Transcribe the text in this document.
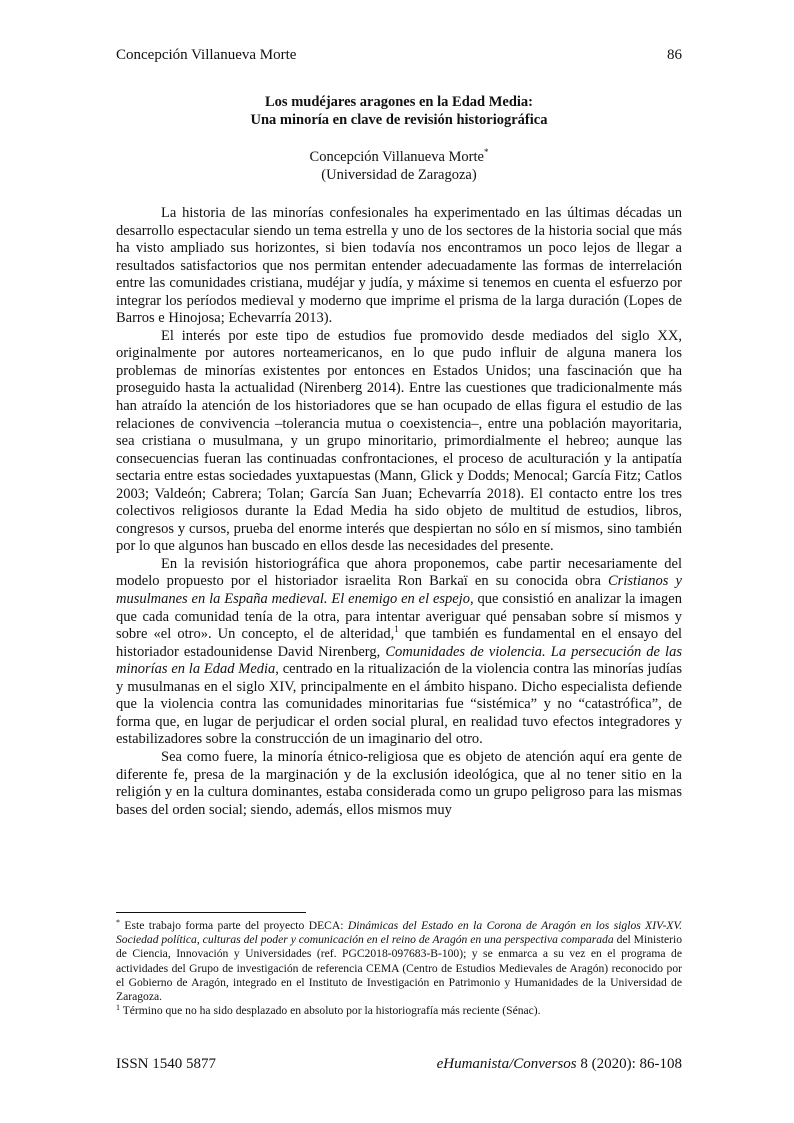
Concepción Villanueva Morte	86
Los mudéjares aragones en la Edad Media:
Una minoría en clave de revisión historiográfica
Concepción Villanueva Morte*
(Universidad de Zaragoza)

La historia de las minorías confesionales ha experimentado en las últimas décadas un desarrollo espectacular siendo un tema estrella y uno de los sectores de la historia social que más ha visto ampliado sus horizontes, si bien todavía nos encontramos un poco lejos de llegar a resultados satisfactorios que nos permitan entender adecuadamente las formas de interrelación entre las comunidades cristiana, mudéjar y judía, y máxime si tenemos en cuenta el esfuerzo por integrar los períodos medieval y moderno que imprime el prisma de la larga duración (Lopes de Barros e Hinojosa; Echevarría 2013).

El interés por este tipo de estudios fue promovido desde mediados del siglo XX, originalmente por autores norteamericanos, en lo que pudo influir de alguna manera los problemas de minorías existentes por entonces en Estados Unidos; una fascinación que ha proseguido hasta la actualidad (Nirenberg 2014). Entre las cuestiones que tradicionalmente más han atraído la atención de los historiadores que se han ocupado de ellas figura el estudio de las relaciones de convivencia –tolerancia mutua o coexistencia–, entre una población mayoritaria, sea cristiana o musulmana, y un grupo minoritario, primordialmente el hebreo; aunque las consecuencias fueran las continuadas confrontaciones, el proceso de aculturación y la antipatía sectaria entre estas sociedades yuxtapuestas (Mann, Glick y Dodds; Menocal; García Fitz; Catlos 2003; Valdeón; Cabrera; Tolan; García San Juan; Echevarría 2018). El contacto entre los tres colectivos religiosos durante la Edad Media ha sido objeto de multitud de estudios, libros, congresos y cursos, prueba del enorme interés que despiertan no sólo en sí mismos, sino también por lo que algunos han buscado en ellos desde las necesidades del presente.

En la revisión historiográfica que ahora proponemos, cabe partir necesariamente del modelo propuesto por el historiador israelita Ron Barkaï en su conocida obra Cristianos y musulmanes en la España medieval. El enemigo en el espejo, que consistió en analizar la imagen que cada comunidad tenía de la otra, para intentar averiguar qué pensaban sobre sí mismos y sobre «el otro». Un concepto, el de alteridad,$^1$ que también es fundamental en el ensayo del historiador estadounidense David Nirenberg, Comunidades de violencia. La persecución de las minorías en la Edad Media, centrado en la ritualización de la violencia contra las minorías judías y musulmanas en el siglo XIV, principalmente en el ámbito hispano. Dicho especialista defiende que la violencia contra las comunidades minoritarias fue “sistémica” y no “catastrófica”, de forma que, en lugar de perjudicar el orden social plural, en realidad tuvo efectos integradores y estabilizadores sobre la construcción de un imaginario del otro.

Sea como fuere, la minoría étnico-religiosa que es objeto de atención aquí era gente de diferente fe, presa de la marginación y de la exclusión ideológica, que al no tener sitio en la religión y en la cultura dominantes, estaba considerada como un grupo peligroso para las mismas bases del orden social; siendo, además, ellos mismos muy

* Este trabajo forma parte del proyecto DECA: Dinámicas del Estado en la Corona de Aragón en los siglos XIV-XV. Sociedad política, culturas del poder y comunicación en el reino de Aragón en una perspectiva comparada del Ministerio de Ciencia, Innovación y Universidades (ref. PGC2018-097683-B-100); y se enmarca a su vez en el programa de actividades del Grupo de investigación de referencia CEMA (Centro de Estudios Medievales de Aragón) reconocido por el Gobierno de Aragón, integrado en el Instituto de Investigación en Patrimonio y Humanidades de la Universidad de Zaragoza.

$^1$ Término que no ha sido desplazado en absoluto por la historiografía más reciente (Sénac).

ISSN 1540 5877	eHumanista/Conversos 8 (2020): 86-108
